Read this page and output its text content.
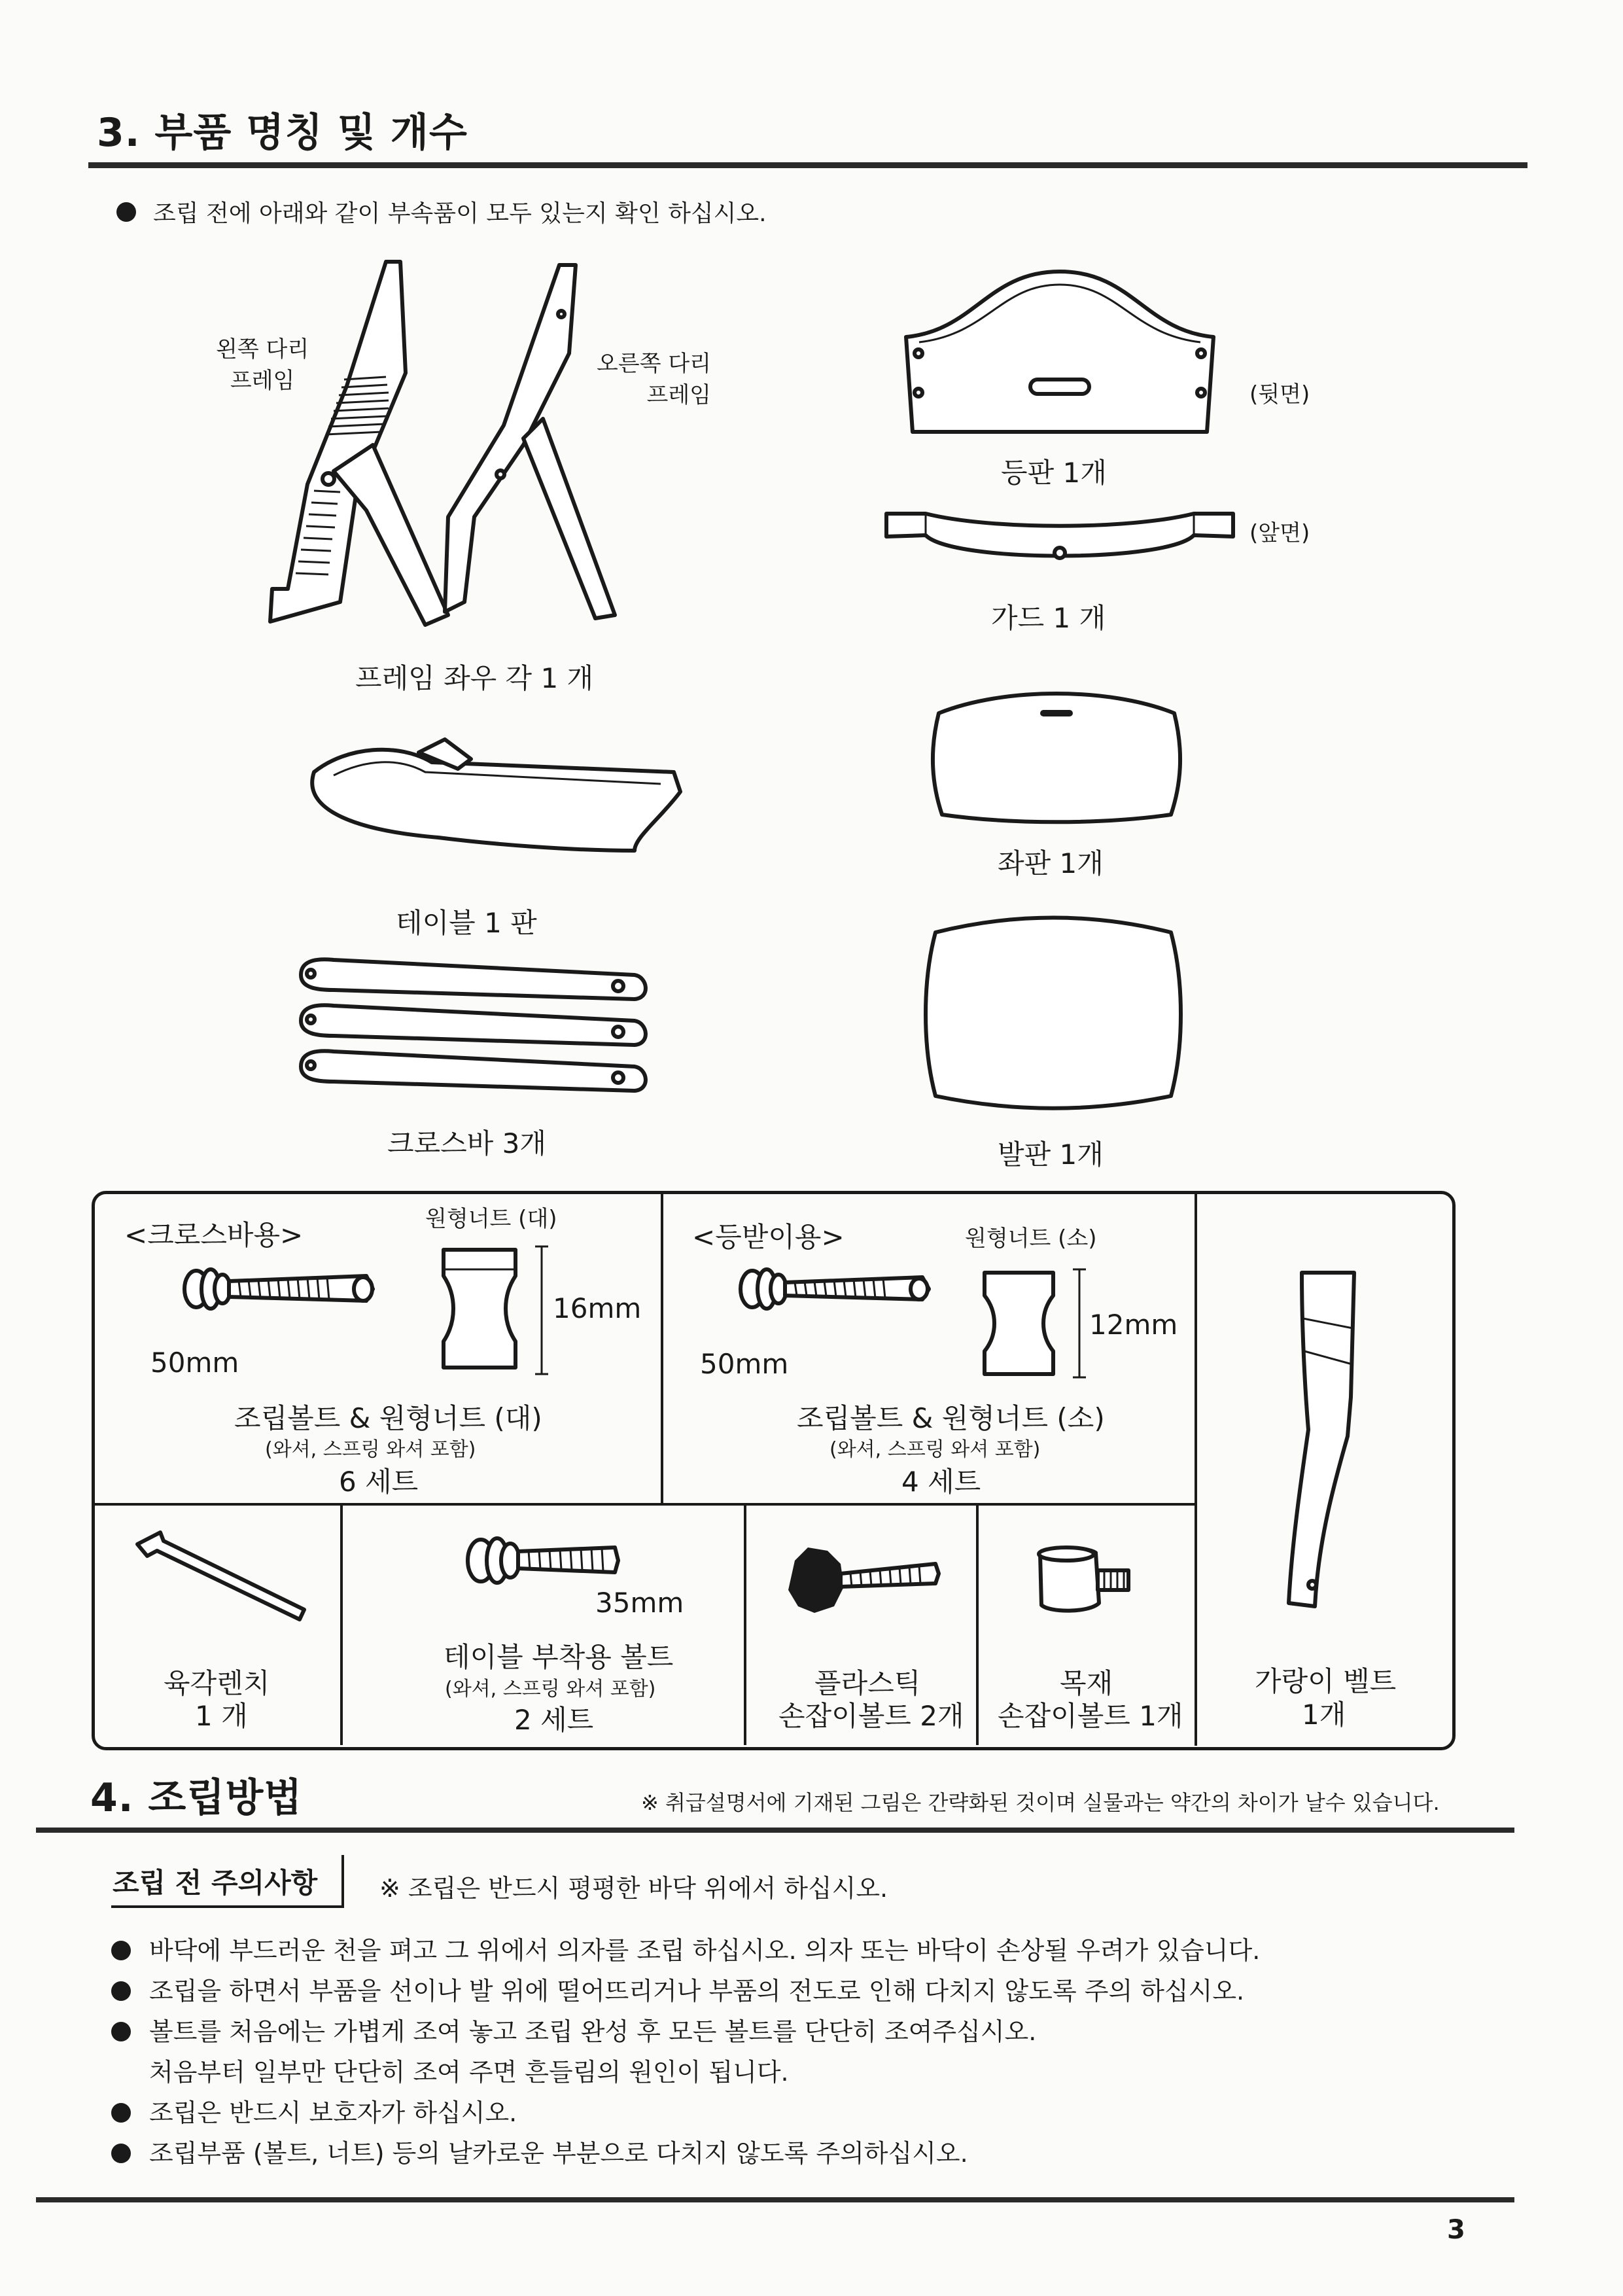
3. 부품 명칭 및 개수
조립 전에 아래와 같이 부속품이 모두 있는지 확인 하십시오.
왼쪽 다리
프레임
오른쪽 다리
프레임
프레임 좌우 각 1 개
(뒷면)
등판 1개
(앞면)
가드 1 개
좌판 1개
테이블 1 판
발판 1개
크로스바 3개
<크로스바용>	원형너트 (대)
50mm
16mm
조립볼트 & 원형너트 (대)
(와셔, 스프링 와셔 포함)
6 세트
<등받이용>	원형너트 (소)
50mm
12mm
조립볼트 & 원형너트 (소)
(와셔, 스프링 와셔 포함)
4 세트
가랑이 벨트
1개
육각렌치
1 개
35mm
테이블 부착용 볼트
(와셔, 스프링 와셔 포함)
2 세트
플라스틱
손잡이볼트 2개
목재
손잡이볼트 1개
4. 조립방법	※ 취급설명서에 기재된 그림은 간략화된 것이며 실물과는 약간의 차이가 날수 있습니다.
조립 전 주의사항 ※ 조립은 반드시 평평한 바닥 위에서 하십시오.
바닥에 부드러운 천을 펴고 그 위에서 의자를 조립 하십시오. 의자 또는 바닥이 손상될 우려가 있습니다.
조립을 하면서 부품을 선이나 발 위에 떨어뜨리거나 부품의 전도로 인해 다치지 않도록 주의 하십시오.
볼트를 처음에는 가볍게 조여 놓고 조립 완성 후 모든 볼트를 단단히 조여주십시오.
처음부터 일부만 단단히 조여 주면 흔들림의 원인이 됩니다.
조립은 반드시 보호자가 하십시오.
조립부품 (볼트, 너트) 등의 날카로운 부분으로 다치지 않도록 주의하십시오.
3
